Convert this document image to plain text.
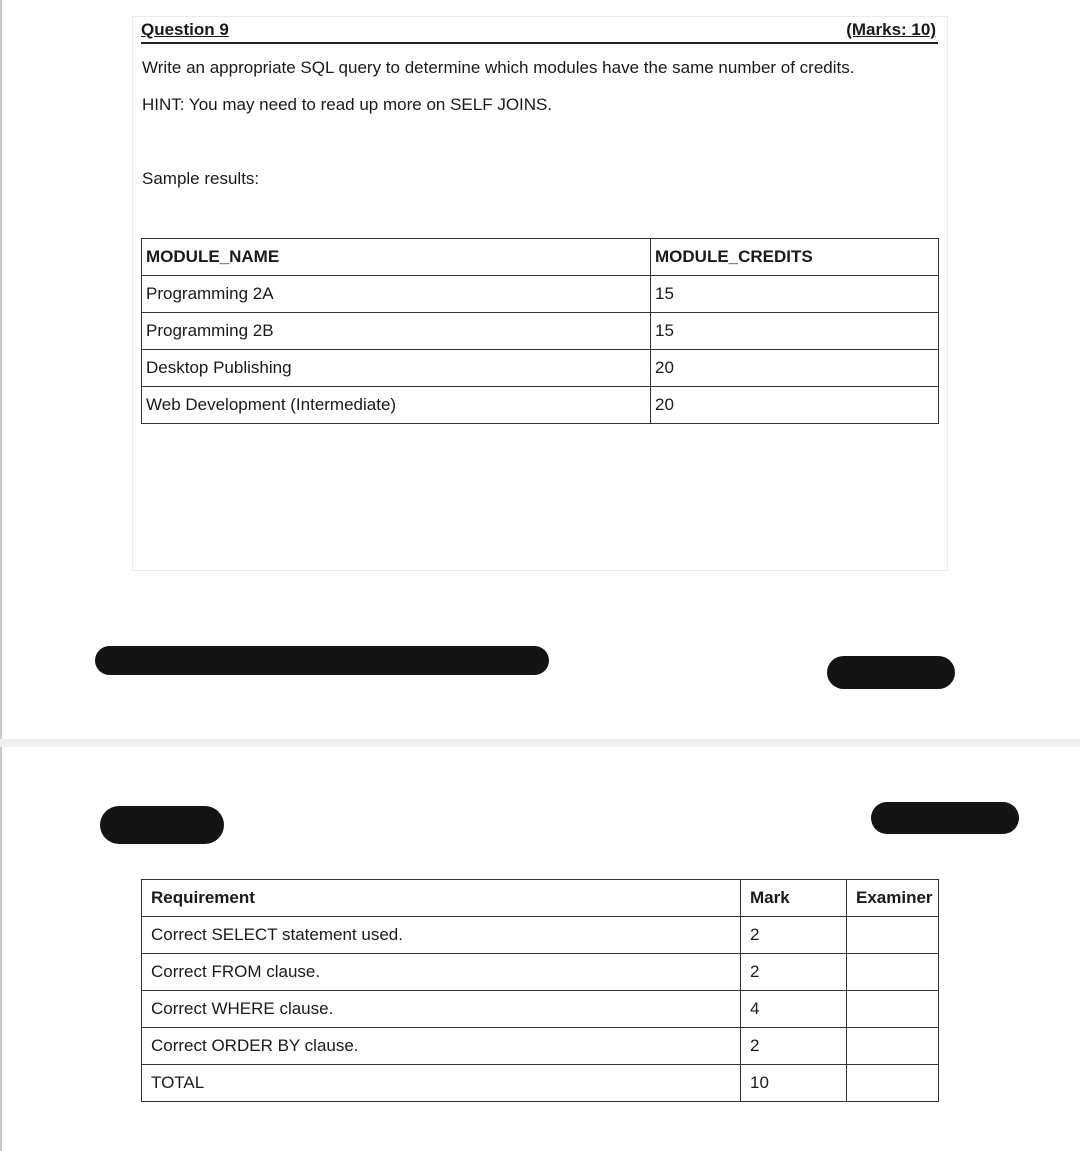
Question 9	(Marks: 10)
Write an appropriate SQL query to determine which modules have the same number of credits.
HINT: You may need to read up more on SELF JOINS.
Sample results:
MODULE_NAME	MODULE_CREDITS
Programming 2A	15
Programming 2B	15
Desktop Publishing	20
Web Development (Intermediate)	20
Requirement	Mark	Examiner
Correct SELECT statement used.	2	
Correct FROM clause.	2	
Correct WHERE clause.	4	
Correct ORDER BY clause.	2	
TOTAL	10	
